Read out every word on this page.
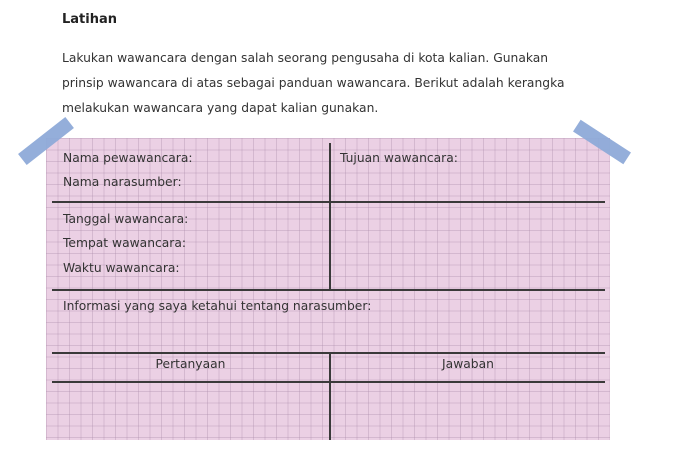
Latihan
Lakukan wawancara dengan salah seorang pengusaha di kota kalian. Gunakan
prinsip wawancara di atas sebagai panduan wawancara. Berikut adalah kerangka
melakukan wawancara yang dapat kalian gunakan.
Nama pewawancara:
Nama narasumber:
Tujuan wawancara:
Tanggal wawancara:
Tempat wawancara:
Waktu wawancara:
Informasi yang saya ketahui tentang narasumber:
Pertanyaan	Jawaban
